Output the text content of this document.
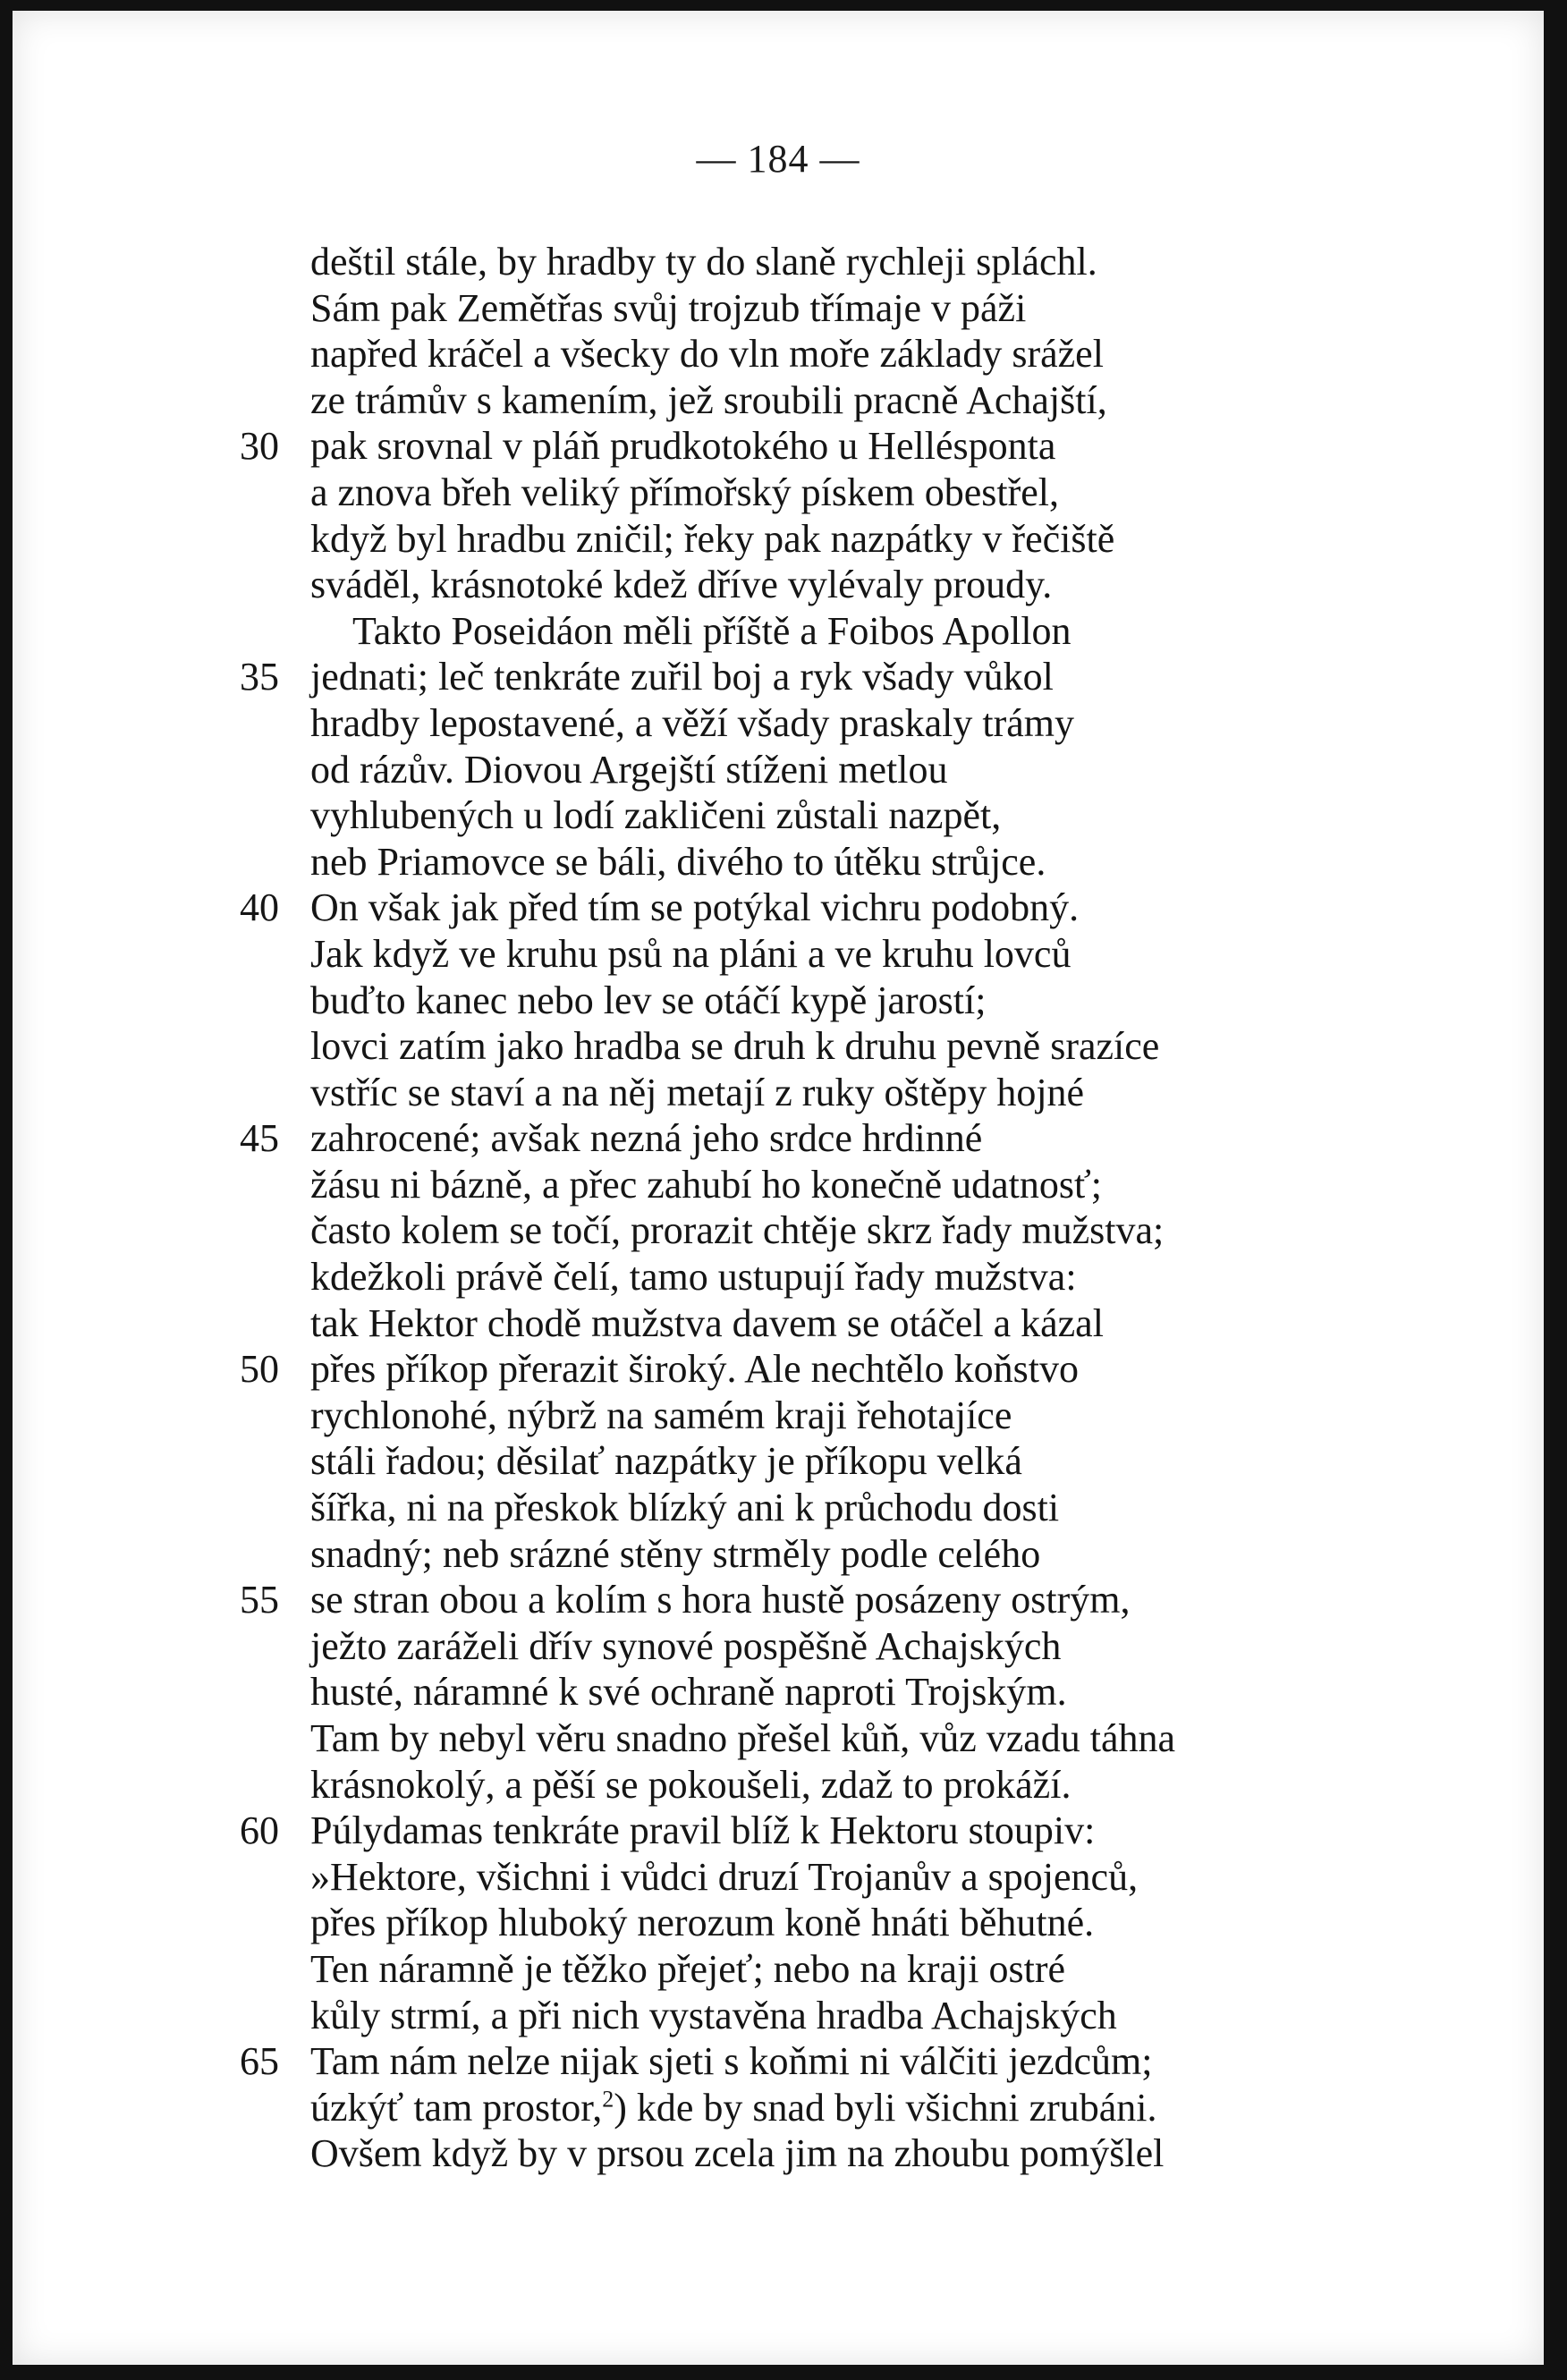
— 184 —
deštil stále, by hradby ty do slaně rychleji spláchl.
Sám pak Zemětřas svůj trojzub třímaje v páži
napřed kráčel a všecky do vln moře základy srážel
ze trámův s kamením, jež sroubili pracně Achajští,
30 pak srovnal v pláň prudkotokého u Hellésponta
a znova břeh veliký přímořský pískem obestřel,
když byl hradbu zničil; řeky pak nazpátky v řečiště
sváděl, krásnotoké kdež dříve vylévaly proudy.
Takto Poseidáon měli příště a Foibos Apollon
35 jednati; leč tenkráte zuřil boj a ryk všady vůkol
hradby lepostavené, a věží všady praskaly trámy
od rázův. Diovou Argejští stíženi metlou
vyhlubených u lodí zakličeni zůstali nazpět,
neb Priamovce se báli, divého to útěku strůjce.
40 On však jak před tím se potýkal vichru podobný.
Jak když ve kruhu psů na pláni a ve kruhu lovců
buďto kanec nebo lev se otáčí kypě jarostí;
lovci zatím jako hradba se druh k druhu pevně srazíce
vstříc se staví a na něj metají z ruky oštěpy hojné
45 zahrocené; avšak nezná jeho srdce hrdinné
žásu ni bázně, a přec zahubí ho konečně udatnosť;
často kolem se točí, prorazit chtěje skrz řady mužstva;
kdežkoli právě čelí, tamo ustupují řady mužstva:
tak Hektor chodě mužstva davem se otáčel a kázal
50 přes příkop přerazit široký. Ale nechtělo koňstvo
rychlonohé, nýbrž na samém kraji řehotajíce
stáli řadou; děsilať nazpátky je příkopu velká
šířka, ni na přeskok blízký ani k průchodu dosti
snadný; neb srázné stěny strměly podle celého
55 se stran obou a kolím s hora hustě posázeny ostrým,
ježto zaráželi dřív synové pospěšně Achajských
husté, náramné k své ochraně naproti Trojským.
Tam by nebyl věru snadno přešel kůň, vůz vzadu táhna
krásnokolý, a pěší se pokoušeli, zdaž to prokáží.
60 Púlydamas tenkráte pravil blíž k Hektoru stoupiv:
»Hektore, všichni i vůdci druzí Trojanův a spojenců,
přes příkop hluboký nerozum koně hnáti běhutné.
Ten náramně je těžko přejeť; nebo na kraji ostré
kůly strmí, a při nich vystavěna hradba Achajských
65 Tam nám nelze nijak sjeti s koňmi ni válčiti jezdcům;
úzkýť tam prostor,$^2$) kde by snad byli všichni zrubáni.
Ovšem když by v prsou zcela jim na zhoubu pomýšlel
